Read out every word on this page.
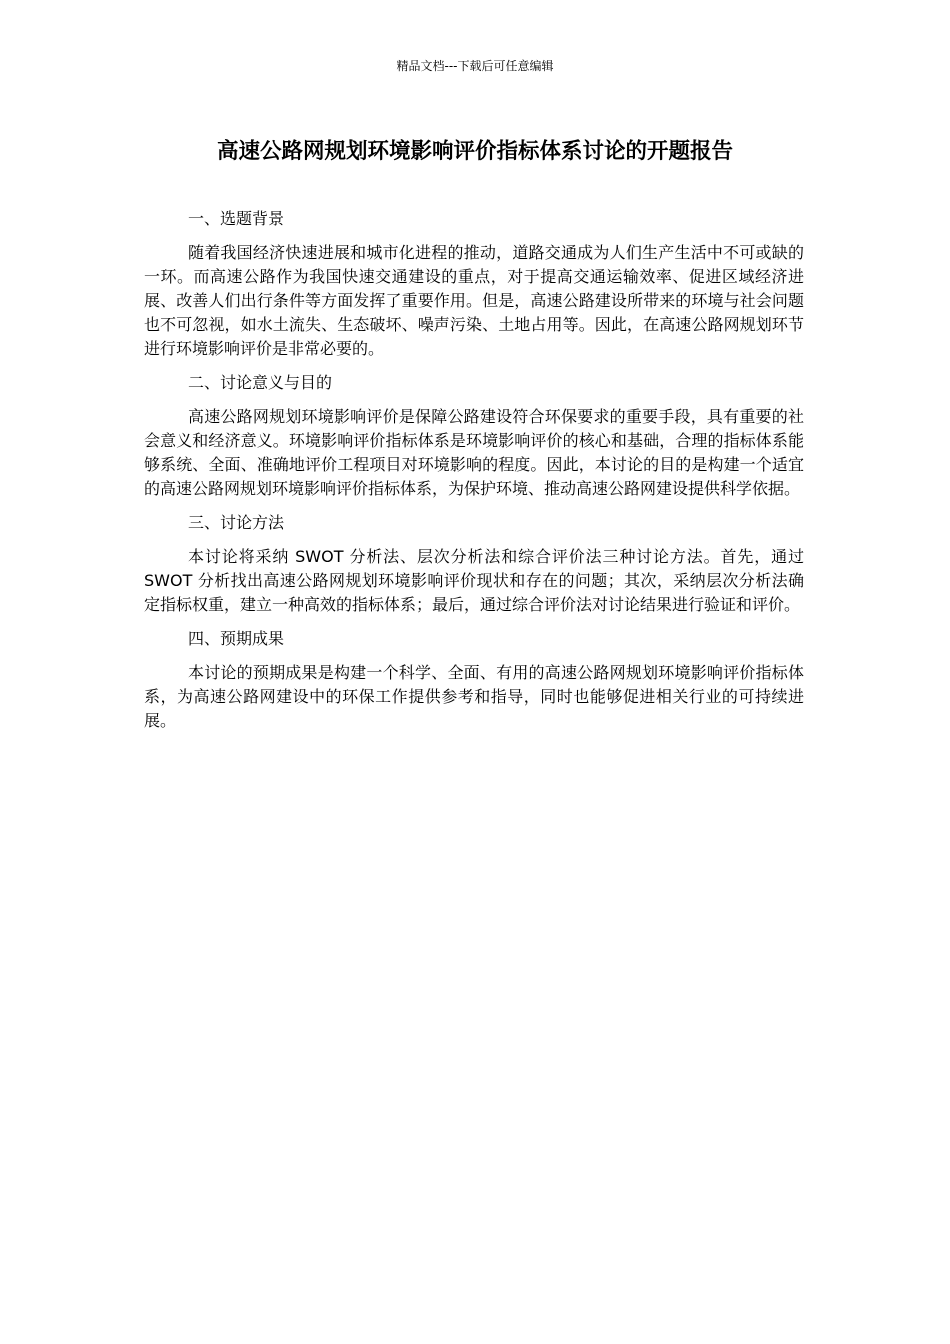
精品文档---下载后可任意编辑
高速公路网规划环境影响评价指标体系讨论的开题报告

一、选题背景

随着我国经济快速进展和城市化进程的推动，道路交通成为人们生产生活中不可或缺的一环。而高速公路作为我国快速交通建设的重点，对于提高交通运输效率、促进区域经济进展、改善人们出行条件等方面发挥了重要作用。但是，高速公路建设所带来的环境与社会问题也不可忽视，如水土流失、生态破坏、噪声污染、土地占用等。因此，在高速公路网规划环节进行环境影响评价是非常必要的。

二、讨论意义与目的

高速公路网规划环境影响评价是保障公路建设符合环保要求的重要手段，具有重要的社会意义和经济意义。环境影响评价指标体系是环境影响评价的核心和基础，合理的指标体系能够系统、全面、准确地评价工程项目对环境影响的程度。因此，本讨论的目的是构建一个适宜的高速公路网规划环境影响评价指标体系，为保护环境、推动高速公路网建设提供科学依据。

三、讨论方法

本讨论将采纳 SWOT 分析法、层次分析法和综合评价法三种讨论方法。首先，通过 SWOT 分析找出高速公路网规划环境影响评价现状和存在的问题；其次，采纳层次分析法确定指标权重，建立一种高效的指标体系；最后，通过综合评价法对讨论结果进行验证和评价。

四、预期成果

本讨论的预期成果是构建一个科学、全面、有用的高速公路网规划环境影响评价指标体系，为高速公路网建设中的环保工作提供参考和指导，同时也能够促进相关行业的可持续进展。
